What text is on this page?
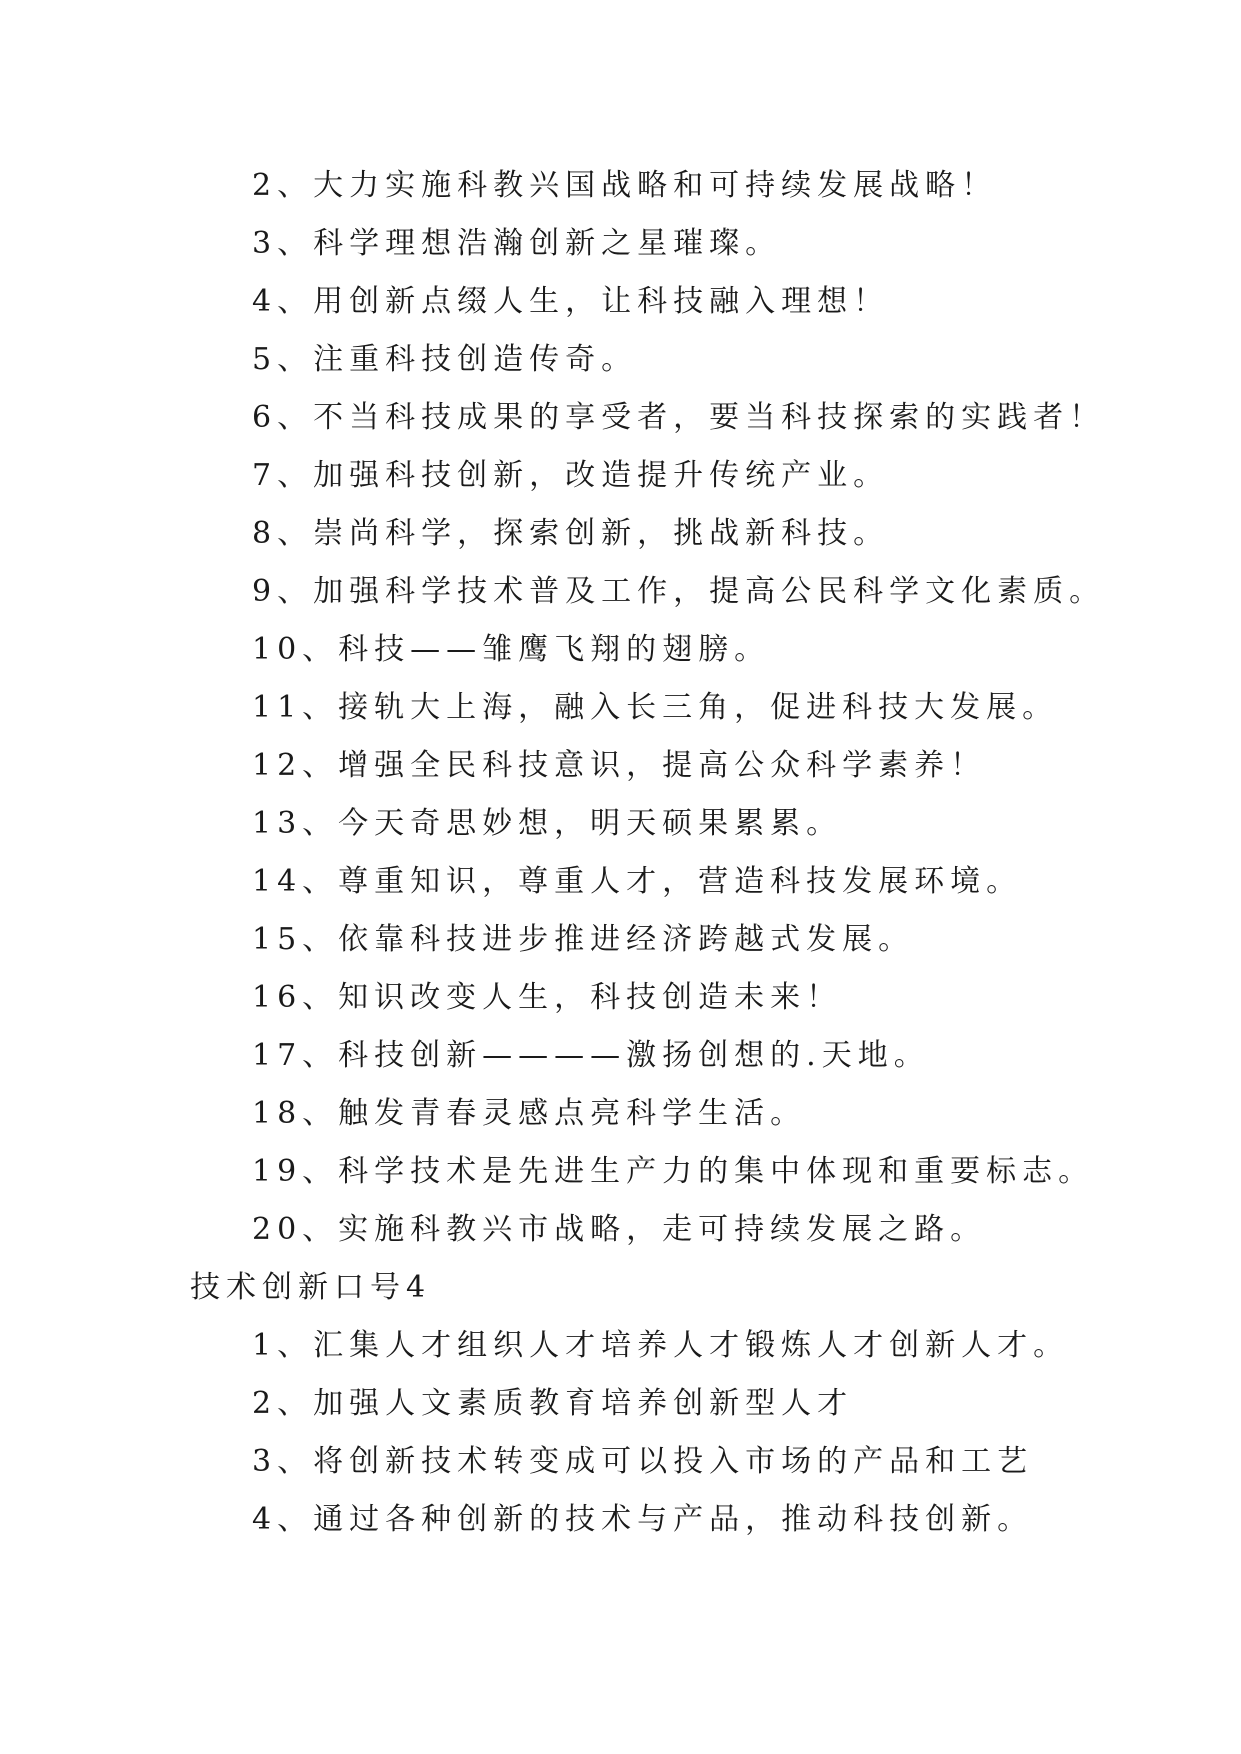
2、大力实施科教兴国战略和可持续发展战略！
3、科学理想浩瀚创新之星璀璨。
4、用创新点缀人生，让科技融入理想！
5、注重科技创造传奇。
6、不当科技成果的享受者，要当科技探索的实践者！
7、加强科技创新，改造提升传统产业。
8、崇尚科学，探索创新，挑战新科技。
9、加强科学技术普及工作，提高公民科学文化素质。
10、科技——雏鹰飞翔的翅膀。
11、接轨大上海，融入长三角，促进科技大发展。
12、增强全民科技意识，提高公众科学素养！
13、今天奇思妙想，明天硕果累累。
14、尊重知识，尊重人才，营造科技发展环境。
15、依靠科技进步推进经济跨越式发展。
16、知识改变人生，科技创造未来！
17、科技创新————激扬创想的.天地。
18、触发青春灵感点亮科学生活。
19、科学技术是先进生产力的集中体现和重要标志。
20、实施科教兴市战略，走可持续发展之路。
技术创新口号4
1、汇集人才组织人才培养人才锻炼人才创新人才。
2、加强人文素质教育培养创新型人才
3、将创新技术转变成可以投入市场的产品和工艺
4、通过各种创新的技术与产品，推动科技创新。
